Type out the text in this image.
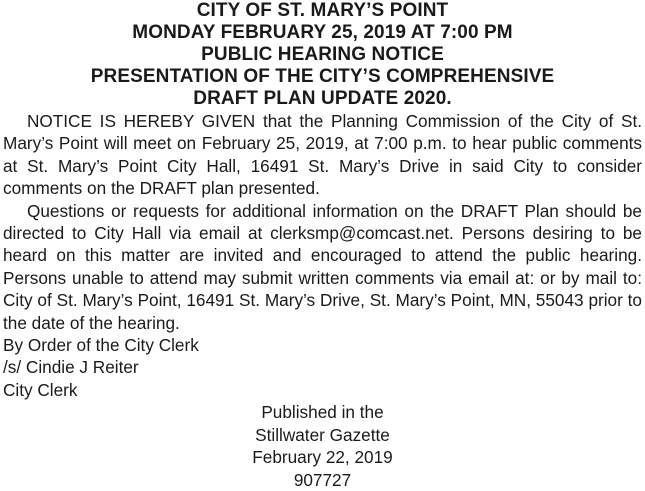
CITY OF ST. MARY’S POINT
MONDAY FEBRUARY 25, 2019 AT 7:00 PM
PUBLIC HEARING NOTICE
PRESENTATION OF THE CITY’S COMPREHENSIVE
DRAFT PLAN UPDATE 2020.

NOTICE IS HEREBY GIVEN that the Planning Commission of the City of St. Mary’s Point will meet on February 25, 2019, at 7:00 p.m. to hear public comments at St. Mary’s Point City Hall, 16491 St. Mary’s Drive in said City to consider comments on the DRAFT plan presented.

Questions or requests for additional information on the DRAFT Plan should be directed to City Hall via email at clerksmp@comcast.net. Persons desiring to be heard on this matter are invited and encouraged to attend the public hearing. Persons unable to attend may submit written comments via email at: or by mail to: City of St. Mary’s Point, 16491 St. Mary’s Drive, St. Mary’s Point, MN, 55043 prior to the date of the hearing.

By Order of the City Clerk

/s/ Cindie J Reiter

City Clerk

Published in the
Stillwater Gazette
February 22, 2019
907727
